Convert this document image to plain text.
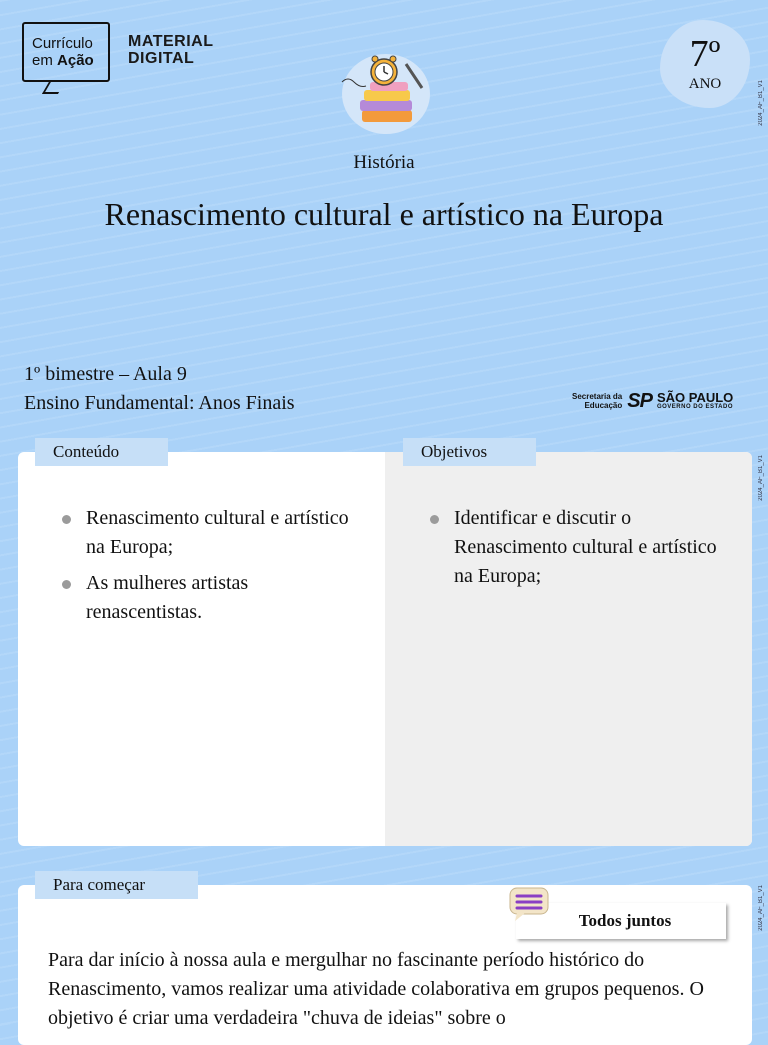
Currículo
em Ação
MATERIAL
DIGITAL	7º
ANO	2024_AF_B1_V1
2024_AF_B1_V1
2024_AF_B1_V1
História
Renascimento cultural e artístico na Europa
1º bimestre – Aula 9
Ensino Fundamental: Anos Finais	Secretaria da
Educação SP SÃO PAULO
GOVERNO DO ESTADO
Renascimento cultural e artístico na Europa;
As mulheres artistas renascentistas.
Identificar e discutir o Renascimento cultural e artístico na Europa;
Conteúdo	Objetivos
Para começar
Todos juntos

Para dar início à nossa aula e mergulhar no fascinante período histórico do Renascimento, vamos realizar uma atividade colaborativa em grupos pequenos. O objetivo é criar uma verdadeira "chuva de ideias" sobre o
